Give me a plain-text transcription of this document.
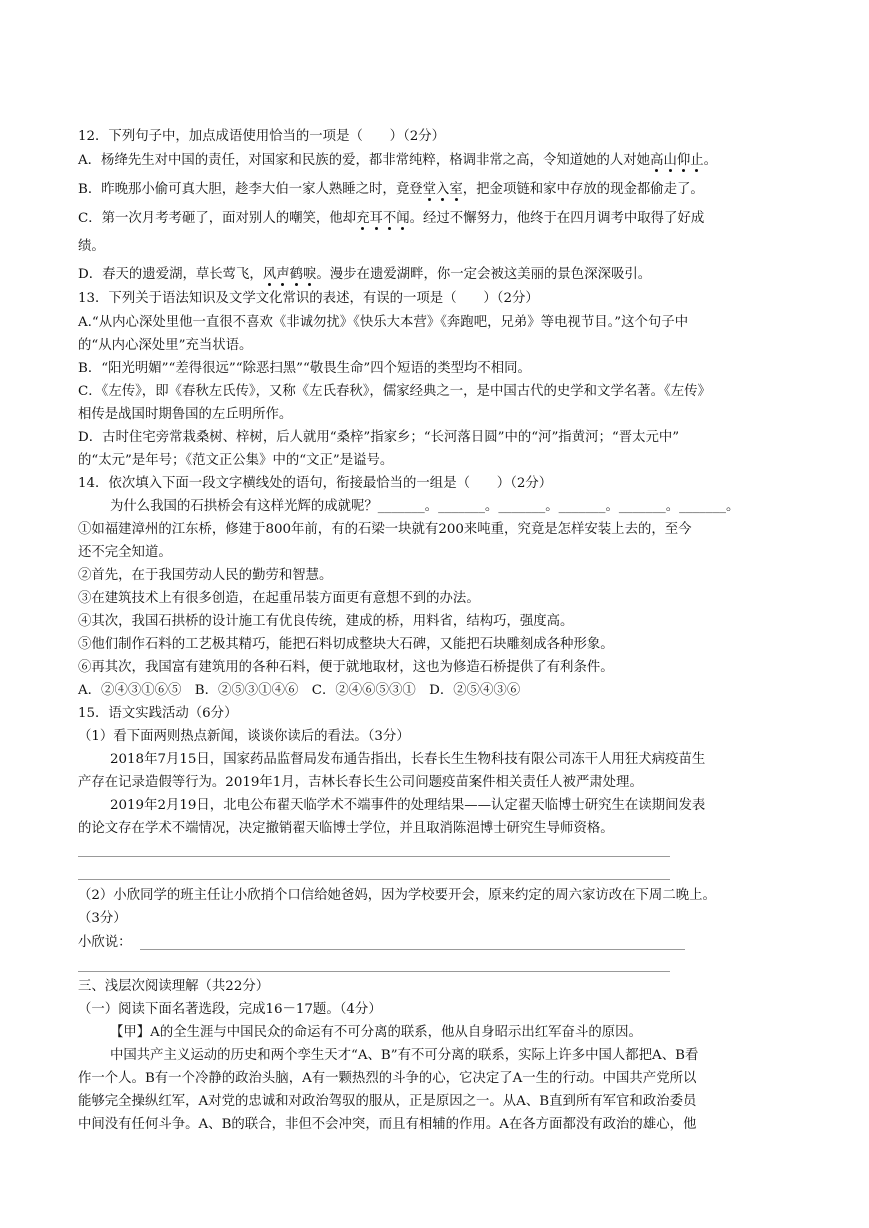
12．下列句子中，加点成语使用恰当的一项是（　　）（2分）
A．杨绛先生对中国的责任，对国家和民族的爱，都非常纯粹，格调非常之高，令知道她的人对她高山仰止。
B．昨晚那小偷可真大胆，趁李大伯一家人熟睡之时，竟登堂入室，把金项链和家中存放的现金都偷走了。
C．第一次月考考砸了，面对别人的嘲笑，他却充耳不闻。经过不懈努力，他终于在四月调考中取得了好成
绩。
D．春天的遗爱湖，草长莺飞，风声鹤唳。漫步在遗爱湖畔，你一定会被这美丽的景色深深吸引。
13．下列关于语法知识及文学文化常识的表述，有误的一项是（　　）（2分）
A.“从内心深处里他一直很不喜欢《非诚勿扰》《快乐大本营》《奔跑吧，兄弟》等电视节目。”这个句子中
的“从内心深处里”充当状语。
B．“阳光明媚”“差得很远”“除恶扫黑”“敬畏生命”四个短语的类型均不相同。
C．《左传》，即《春秋左氏传》，又称《左氏春秋》，儒家经典之一，是中国古代的史学和文学名著。《左传》
相传是战国时期鲁国的左丘明所作。
D．古时住宅旁常栽桑树、梓树，后人就用“桑梓”指家乡；“长河落日圆”中的“河”指黄河；“晋太元中”
的“太元”是年号；《范文正公集》中的“文正”是谥号。
14．依次填入下面一段文字横线处的语句，衔接最恰当的一组是（　　）（2分）
为什么我国的石拱桥会有这样光辉的成就呢？_______。_______。_______。_______。_______。_______。
①如福建漳州的江东桥，修建于800年前，有的石梁一块就有200来吨重，究竟是怎样安装上去的，至今
还不完全知道。
②首先，在于我国劳动人民的勤劳和智慧。
③在建筑技术上有很多创造，在起重吊装方面更有意想不到的办法。
④其次，我国石拱桥的设计施工有优良传统，建成的桥，用料省，结构巧，强度高。
⑤他们制作石料的工艺极其精巧，能把石料切成整块大石碑，又能把石块雕刻成各种形象。
⑥再其次，我国富有建筑用的各种石料，便于就地取材，这也为修造石桥提供了有利条件。
A．②④③①⑥⑤　B．②⑤③①④⑥　C．②④⑥⑤③①　D．②⑤④③⑥
15．语文实践活动（6分）
（1）看下面两则热点新闻，谈谈你读后的看法。（3分）
2018年7月15日，国家药品监督局发布通告指出，长春长生生物科技有限公司冻干人用狂犬病疫苗生
产存在记录造假等行为。2019年1月，吉林长春长生公司问题疫苗案件相关责任人被严肃处理。
2019年2月19日，北电公布翟天临学术不端事件的处理结果——认定翟天临博士研究生在读期间发表
的论文存在学术不端情况，决定撤销翟天临博士学位，并且取消陈浥博士研究生导师资格。
（2）小欣同学的班主任让小欣捎个口信给她爸妈，因为学校要开会，原来约定的周六家访改在下周二晚上。
（3分）
小欣说：
三、浅层次阅读理解（共22分）
（一）阅读下面名著选段，完成16－17题。（4分）
【甲】A的全生涯与中国民众的命运有不可分离的联系，他从自身昭示出红军奋斗的原因。
中国共产主义运动的历史和两个孪生天才“A、B”有不可分离的联系，实际上许多中国人都把A、B看
作一个人。B有一个冷静的政治头脑，A有一颗热烈的斗争的心，它决定了A一生的行动。中国共产党所以
能够完全操纵红军，A对党的忠诚和对政治驾驭的服从，正是原因之一。从A、B直到所有军官和政治委员
中间没有任何斗争。A、B的联合，非但不会冲突，而且有相辅的作用。A在各方面都没有政治的雄心，他
